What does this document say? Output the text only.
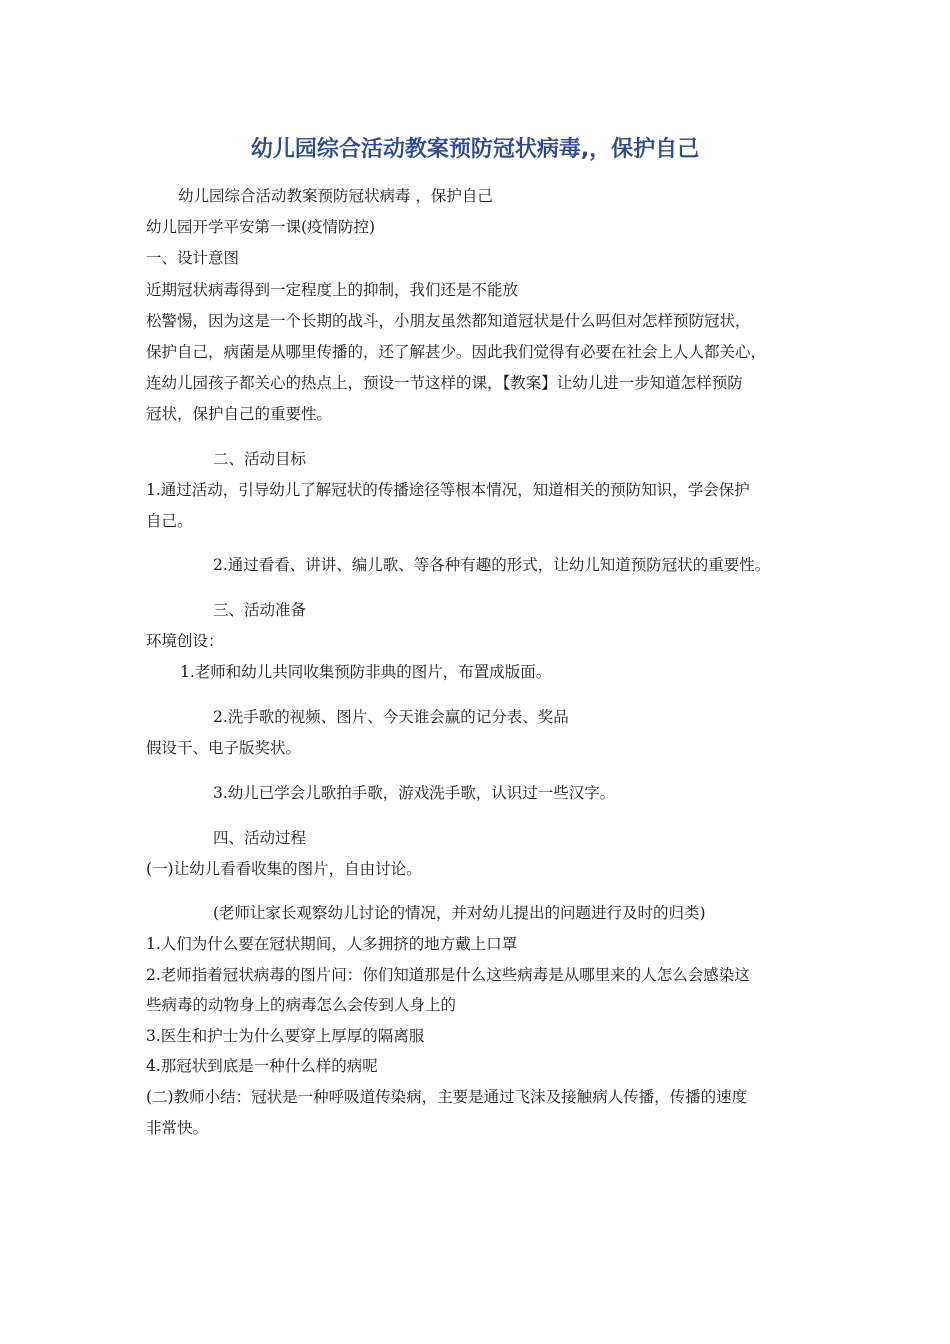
幼儿园综合活动教案预防冠状病毒,，保护自己
幼儿园综合活动教案预防冠状病毒 ，保护自己
幼儿园开学平安第一课(疫情防控)
一、设计意图
近期冠状病毒得到一定程度上的抑制，我们还是不能放
松警惕，因为这是一个长期的战斗，小朋友虽然都知道冠状是什么吗但对怎样预防冠状，
保护自己，病菌是从哪里传播的，还了解甚少。因此我们觉得有必要在社会上人人都关心，
连幼儿园孩子都关心的热点上，预设一节这样的课，【教案】让幼儿进一步知道怎样预防
冠状，保护自己的重要性。
二、活动目标
1.通过活动，引导幼儿了解冠状的传播途径等根本情况，知道相关的预防知识，学会保护
自己。
2.通过看看、讲讲、编儿歌、等各种有趣的形式，让幼儿知道预防冠状的重要性。
三、活动准备
环境创设：
1.老师和幼儿共同收集预防非典的图片，布置成版面。
2.洗手歌的视频、图片、今天谁会赢的记分表、奖品
假设干、电子版奖状。
3.幼儿已学会儿歌拍手歌，游戏洗手歌，认识过一些汉字。
四、活动过程
(一)让幼儿看看收集的图片，自由讨论。
(老师让家长观察幼儿讨论的情况，并对幼儿提出的问题进行及时的归类)
1.人们为什么要在冠状期间，人多拥挤的地方戴上口罩
2.老师指着冠状病毒的图片问：你们知道那是什么这些病毒是从哪里来的人怎么会感染这
些病毒的动物身上的病毒怎么会传到人身上的
3.医生和护士为什么要穿上厚厚的隔离服
4.那冠状到底是一种什么样的病呢
(二)教师小结：冠状是一种呼吸道传染病，主要是通过飞沫及接触病人传播，传播的速度
非常快。
